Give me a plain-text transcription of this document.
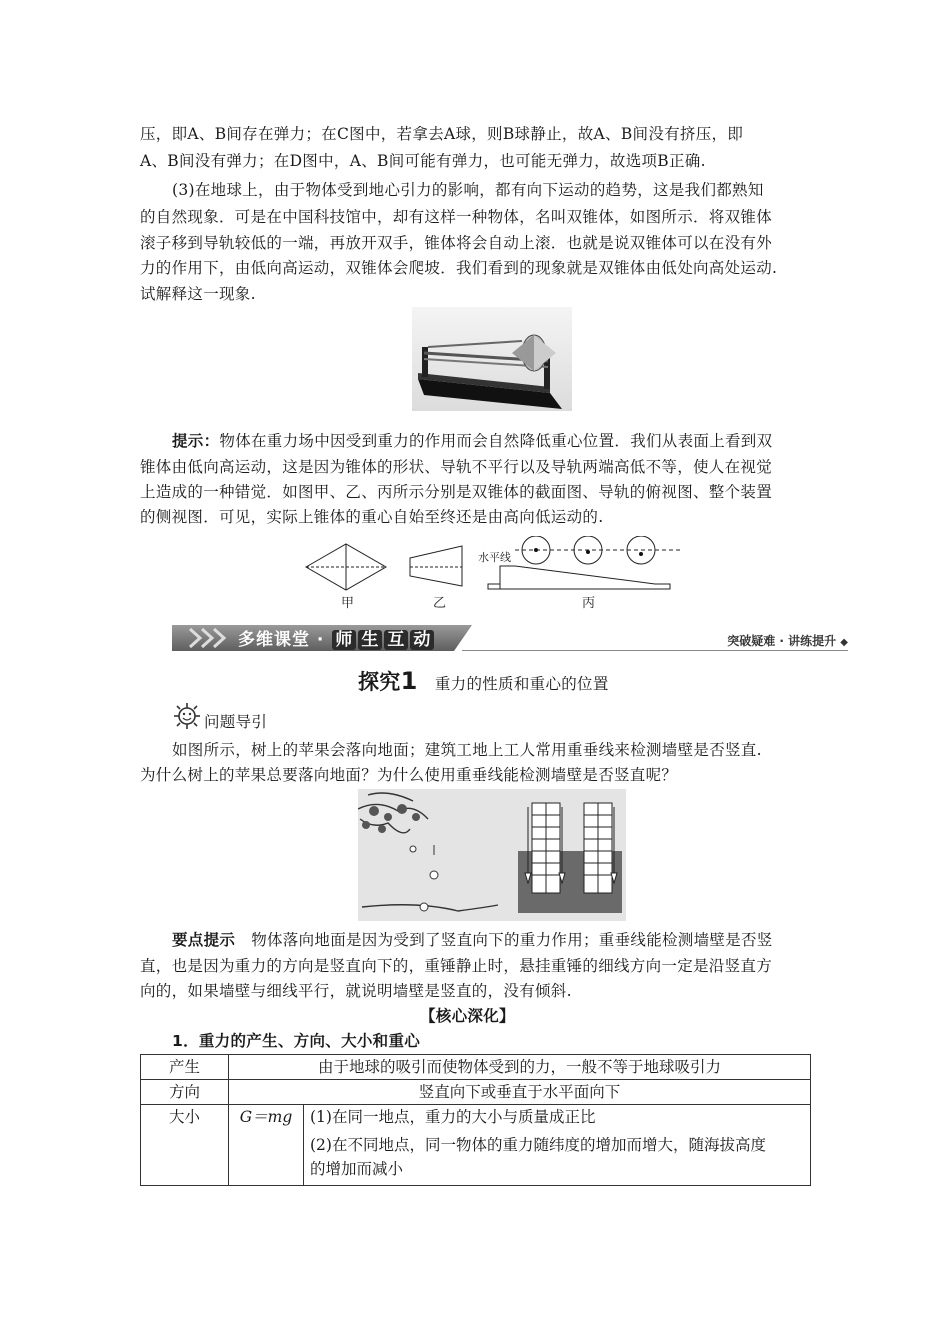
压，即A、B间存在弹力；在C图中，若拿去A球，则B球静止，故A、B间没有挤压，即
A、B间没有弹力；在D图中，A、B间可能有弹力，也可能无弹力，故选项B正确.
(3)在地球上，由于物体受到地心引力的影响，都有向下运动的趋势，这是我们都熟知
的自然现象．可是在中国科技馆中，却有这样一种物体，名叫双锥体，如图所示．将双锥体
滚子移到导轨较低的一端，再放开双手，锥体将会自动上滚．也就是说双锥体可以在没有外
力的作用下，由低向高运动，双锥体会爬坡．我们看到的现象就是双锥体由低处向高处运动.
试解释这一现象.
提示：物体在重力场中因受到重力的作用而会自然降低重心位置．我们从表面上看到双
锥体由低向高运动，这是因为锥体的形状、导轨不平行以及导轨两端高低不等，使人在视觉
上造成的一种错觉．如图甲、乙、丙所示分别是双锥体的截面图、导轨的俯视图、整个装置
的侧视图．可见，实际上锥体的重心自始至终还是由高向低运动的.
水平线
甲	乙	丙
多维课堂 · 师 生 互 动	突破疑难 · 讲练提升 ◆
探究1 重力的性质和重心的位置
问题导引
如图所示，树上的苹果会落向地面；建筑工地上工人常用重垂线来检测墙壁是否竖直.
为什么树上的苹果总要落向地面？为什么使用重垂线能检测墙壁是否竖直呢？
要点提示 物体落向地面是因为受到了竖直向下的重力作用；重垂线能检测墙壁是否竖
直，也是因为重力的方向是竖直向下的，重锤静止时，悬挂重锤的细线方向一定是沿竖直方
向的，如果墙壁与细线平行，就说明墙壁是竖直的，没有倾斜.
【核心深化】
1．重力的产生、方向、大小和重心
产生	由于地球的吸引而使物体受到的力，一般不等于地球吸引力	
方向	竖直向下或垂直于水平面向下	
大小	G＝mg	(1)在同一地点，重力的大小与质量成正比
(2)在不同地点，同一物体的重力随纬度的增加而增大，随海拔高度
的增加而减小
